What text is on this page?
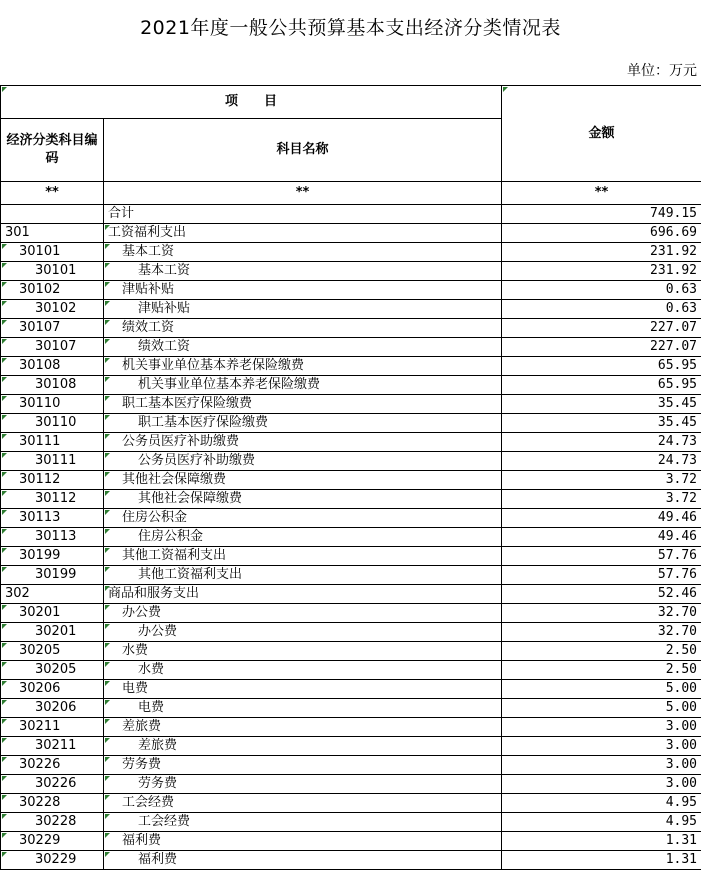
2021年度一般公共预算基本支出经济分类情况表
单位：万元
项　　目		金额
经济分类科目编码	科目名称	
**	**	**
	合计	749.15
301	工资福利支出	696.69
30101	基本工资	231.92
30101	基本工资	231.92
30102	津贴补贴	0.63
30102	津贴补贴	0.63
30107	绩效工资	227.07
30107	绩效工资	227.07
30108	机关事业单位基本养老保险缴费	65.95
30108	机关事业单位基本养老保险缴费	65.95
30110	职工基本医疗保险缴费	35.45
30110	职工基本医疗保险缴费	35.45
30111	公务员医疗补助缴费	24.73
30111	公务员医疗补助缴费	24.73
30112	其他社会保障缴费	3.72
30112	其他社会保障缴费	3.72
30113	住房公积金	49.46
30113	住房公积金	49.46
30199	其他工资福利支出	57.76
30199	其他工资福利支出	57.76
302	商品和服务支出	52.46
30201	办公费	32.70
30201	办公费	32.70
30205	水费	2.50
30205	水费	2.50
30206	电费	5.00
30206	电费	5.00
30211	差旅费	3.00
30211	差旅费	3.00
30226	劳务费	3.00
30226	劳务费	3.00
30228	工会经费	4.95
30228	工会经费	4.95
30229	福利费	1.31
30229	福利费	1.31
